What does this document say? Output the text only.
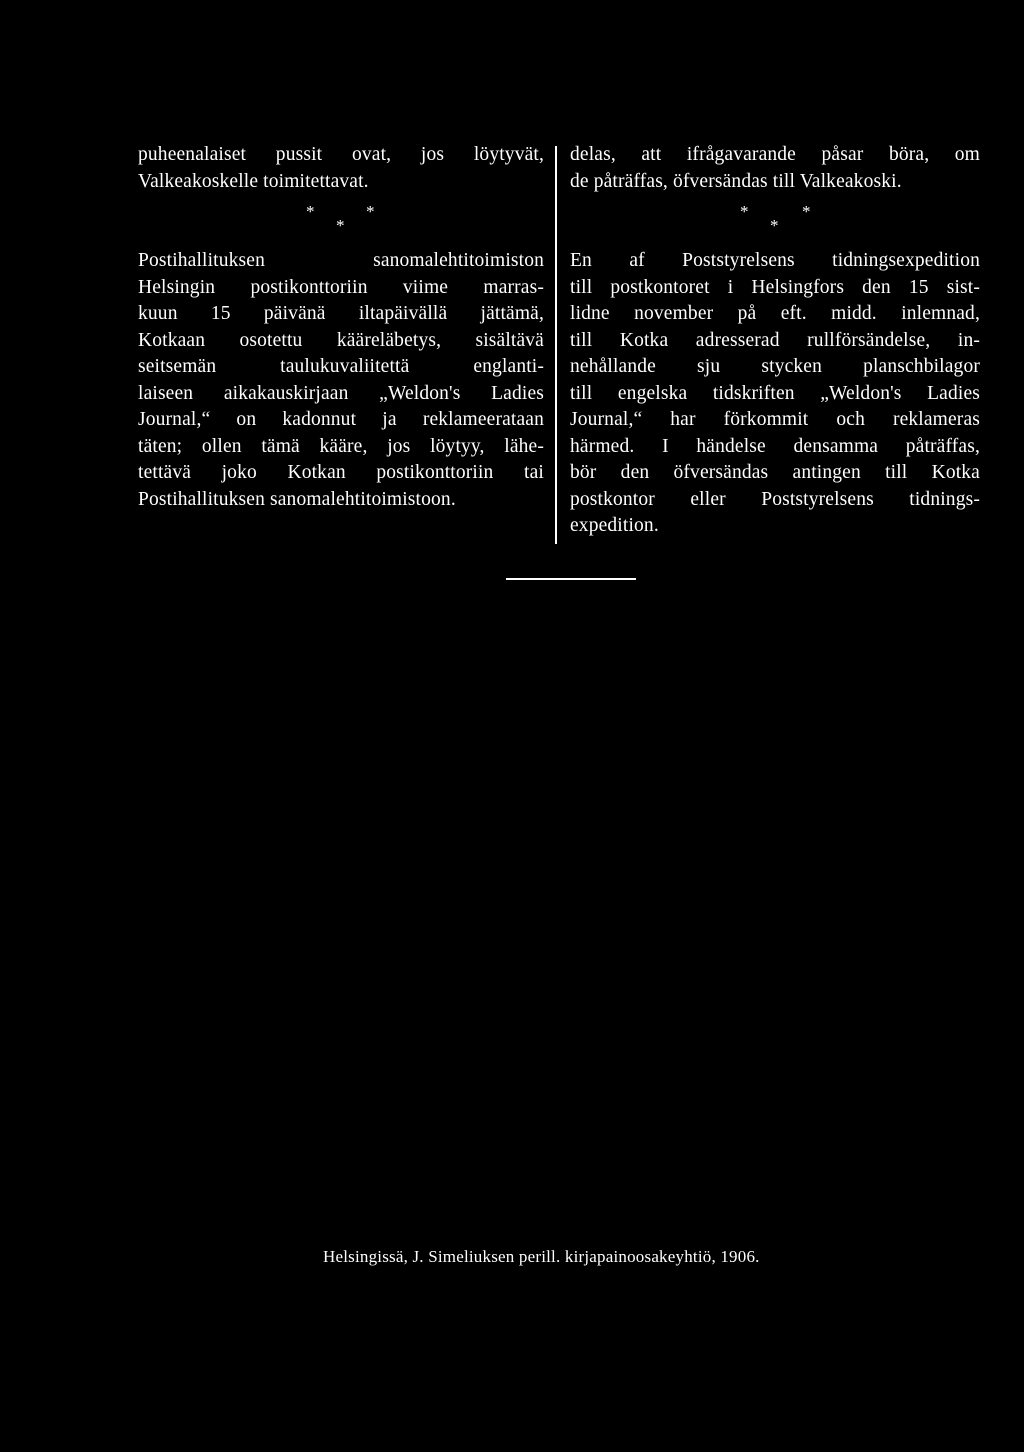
puheenalaiset pussit ovat, jos löytyvät,
Valkeakoskelle toimitettavat.
*	*
*
Postihallituksen sanomalehtitoimiston
Helsingin postikonttoriin viime marras-
kuun 15 päivänä iltapäivällä jättämä,
Kotkaan osotettu kääreläbetys, sisältävä
seitsemän taulukuvaliitettä englanti-
laiseen aikakauskirjaan „Weldon's Ladies
Journal,“ on kadonnut ja reklameerataan
täten; ollen tämä kääre, jos löytyy, lähe-
tettävä joko Kotkan postikonttoriin tai
Postihallituksen sanomalehtitoimistoon.
delas, att ifrågavarande påsar böra, om
de påträffas, öfversändas till Valkeakoski.
*	*
*
En af Poststyrelsens tidningsexpedition
till postkontoret i Helsingfors den 15 sist-
lidne november på eft. midd. inlemnad,
till Kotka adresserad rullförsändelse, in-
nehållande sju stycken planschbilagor
till engelska tidskriften „Weldon's Ladies
Journal,“ har förkommit och reklameras
härmed. I händelse densamma påträffas,
bör den öfversändas antingen till Kotka
postkontor eller Poststyrelsens tidnings-
expedition.
Helsingissä, J. Simeliuksen perill. kirjapainoosakeyhtiö, 1906.
